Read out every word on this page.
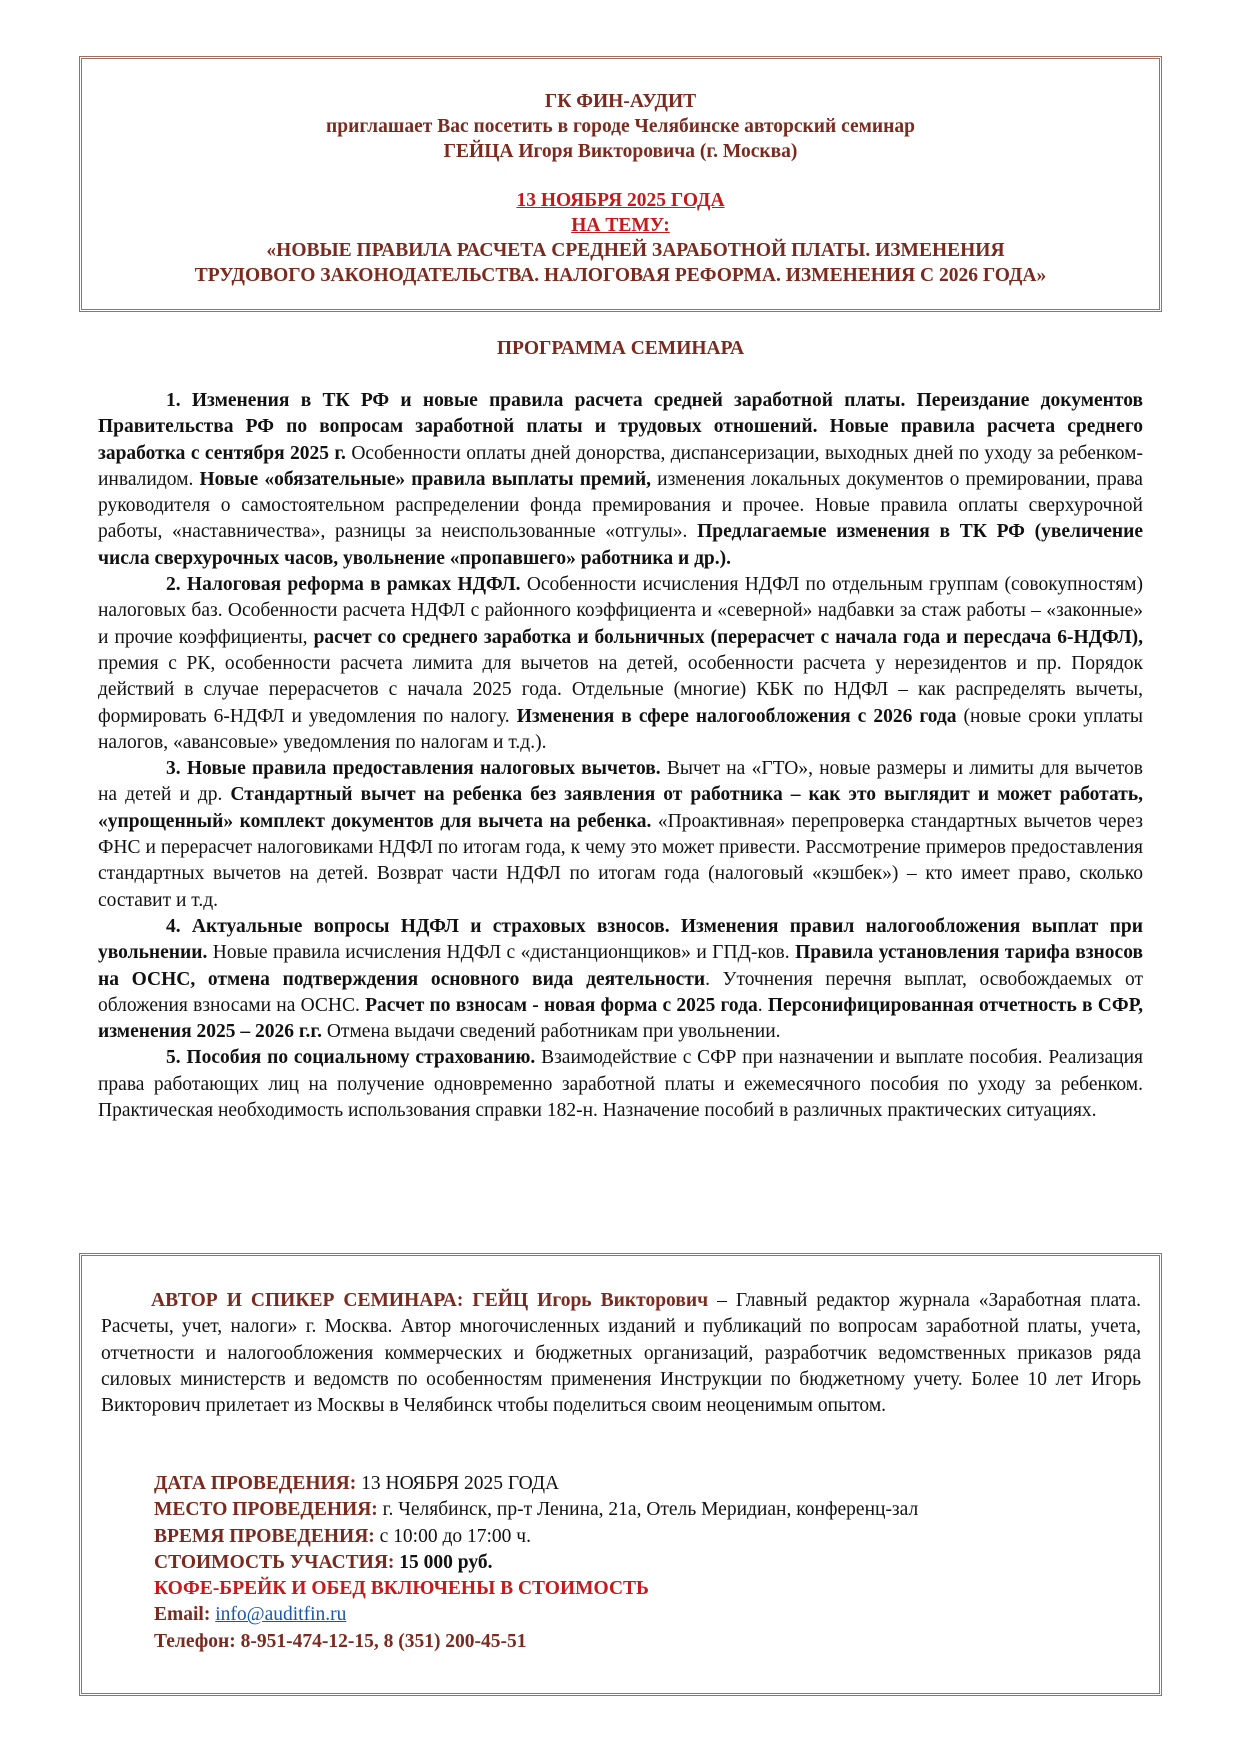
ГК ФИН-АУДИТ
приглашает Вас посетить в городе Челябинске авторский семинар
ГЕЙЦА Игоря Викторовича (г. Москва)
13 НОЯБРЯ 2025 ГОДА
НА ТЕМУ:
«НОВЫЕ ПРАВИЛА РАСЧЕТА СРЕДНЕЙ ЗАРАБОТНОЙ ПЛАТЫ. ИЗМЕНЕНИЯ
ТРУДОВОГО ЗАКОНОДАТЕЛЬСТВА. НАЛОГОВАЯ РЕФОРМА. ИЗМЕНЕНИЯ С 2026 ГОДА»
ПРОГРАММА СЕМИНАРА

1. Изменения в ТК РФ и новые правила расчета средней заработной платы. Переиздание документов Правительства РФ по вопросам заработной платы и трудовых отношений. Новые правила расчета среднего заработка с сентября 2025 г. Особенности оплаты дней донорства, диспансеризации, выходных дней по уходу за ребенком-инвалидом. Новые «обязательные» правила выплаты премий, изменения локальных документов о премировании, права руководителя о самостоятельном распределении фонда премирования и прочее. Новые правила оплаты сверхурочной работы, «наставничества», разницы за неиспользованные «отгулы». Предлагаемые изменения в ТК РФ (увеличение числа сверхурочных часов, увольнение «пропавшего» работника и др.).

2. Налоговая реформа в рамках НДФЛ. Особенности исчисления НДФЛ по отдельным группам (совокупностям) налоговых баз. Особенности расчета НДФЛ с районного коэффициента и «северной» надбавки за стаж работы – «законные» и прочие коэффициенты, расчет со среднего заработка и больничных (перерасчет с начала года и пересдача 6-НДФЛ), премия с РК, особенности расчета лимита для вычетов на детей, особенности расчета у нерезидентов и пр. Порядок действий в случае перерасчетов с начала 2025 года. Отдельные (многие) КБК по НДФЛ – как распределять вычеты, формировать 6-НДФЛ и уведомления по налогу. Изменения в сфере налогообложения с 2026 года (новые сроки уплаты налогов, «авансовые» уведомления по налогам и т.д.).

3. Новые правила предоставления налоговых вычетов. Вычет на «ГТО», новые размеры и лимиты для вычетов на детей и др. Стандартный вычет на ребенка без заявления от работника – как это выглядит и может работать, «упрощенный» комплект документов для вычета на ребенка. «Проактивная» перепроверка стандартных вычетов через ФНС и перерасчет налоговиками НДФЛ по итогам года, к чему это может привести. Рассмотрение примеров предоставления стандартных вычетов на детей. Возврат части НДФЛ по итогам года (налоговый «кэшбек») – кто имеет право, сколько составит и т.д.

4. Актуальные вопросы НДФЛ и страховых взносов. Изменения правил налогообложения выплат при увольнении. Новые правила исчисления НДФЛ с «дистанционщиков» и ГПД-ков. Правила установления тарифа взносов на ОСНС, отмена подтверждения основного вида деятельности. Уточнения перечня выплат, освобождаемых от обложения взносами на ОСНС. Расчет по взносам - новая форма с 2025 года. Персонифицированная отчетность в СФР, изменения 2025 – 2026 г.г. Отмена выдачи сведений работникам при увольнении.

5. Пособия по социальному страхованию. Взаимодействие с СФР при назначении и выплате пособия. Реализация права работающих лиц на получение одновременно заработной платы и ежемесячного пособия по уходу за ребенком. Практическая необходимость использования справки 182-н. Назначение пособий в различных практических ситуациях.

АВТОР И СПИКЕР СЕМИНАРА: ГЕЙЦ Игорь Викторович – Главный редактор журнала «Заработная плата. Расчеты, учет, налоги» г. Москва. Автор многочисленных изданий и публикаций по вопросам заработной платы, учета, отчетности и налогообложения коммерческих и бюджетных организаций, разработчик ведомственных приказов ряда силовых министерств и ведомств по особенностям применения Инструкции по бюджетному учету. Более 10 лет Игорь Викторович прилетает из Москвы в Челябинск чтобы поделиться своим неоценимым опытом.

ДАТА ПРОВЕДЕНИЯ: 13 НОЯБРЯ 2025 ГОДА
МЕСТО ПРОВЕДЕНИЯ: г. Челябинск, пр-т Ленина, 21а, Отель Меридиан, конференц-зал
ВРЕМЯ ПРОВЕДЕНИЯ: с 10:00 до 17:00 ч.
СТОИМОСТЬ УЧАСТИЯ: 15 000 руб.
КОФЕ-БРЕЙК И ОБЕД ВКЛЮЧЕНЫ В СТОИМОСТЬ
Email: info@auditfin.ru
Телефон: 8-951-474-12-15, 8 (351) 200-45-51
